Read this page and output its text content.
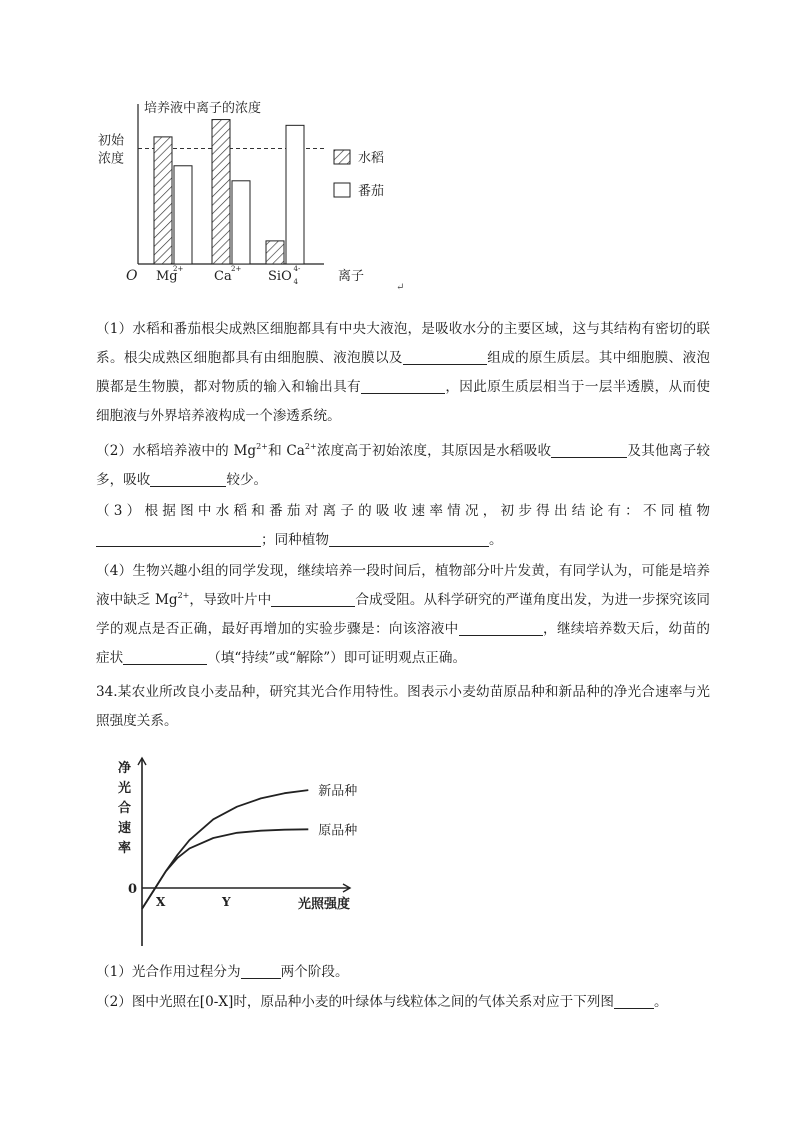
培养液中离子的浓度
初始
浓度
O	离子
Mg
2+ Ca 2+ SiO 4-
4
水稻
番茄
↵

（1）水稻和番茄根尖成熟区细胞都具有中央大液泡，是吸收水分的主要区域，这与其结构有密切的联系。根尖成熟区细胞都具有由细胞膜、液泡膜以及	组成的原生质层。其中细胞膜、液泡膜都是生物膜，都对物质的输入和输出具有	，因此原生质层相当于一层半透膜，从而使细胞液与外界培养液构成一个渗透系统。

（2）水稻培养液中的 $Mg^{2+}$和 $Ca^{2+}$浓度高于初始浓度，其原因是水稻吸收	及其他离子较多，吸收	较少。

（3）根据图中水稻和番茄对离子的吸收速率情况，初步得出结论有：不同植物；同种植物	。

（4）生物兴趣小组的同学发现，继续培养一段时间后，植物部分叶片发黄，有同学认为，可能是培养液中缺乏 $Mg^{2+}$，导致叶片中	合成受阻。从科学研究的严谨角度出发，为进一步探究该同学的观点是否正确，最好再增加的实验步骤是：向该溶液中	，继续培养数天后，幼苗的症状	（填“持续”或“解除”）即可证明观点正确。

34.某农业所改良小麦品种，研究其光合作用特性。图表示小麦幼苗原品种和新品种的净光合速率与光照强度关系。

净
光
合
速
率
0
X	Y	光照强度
新品种
原品种

（1）光合作用过程分为	两个阶段。

（2）图中光照在[0-X]时，原品种小麦的叶绿体与线粒体之间的气体关系对应于下列图	。
